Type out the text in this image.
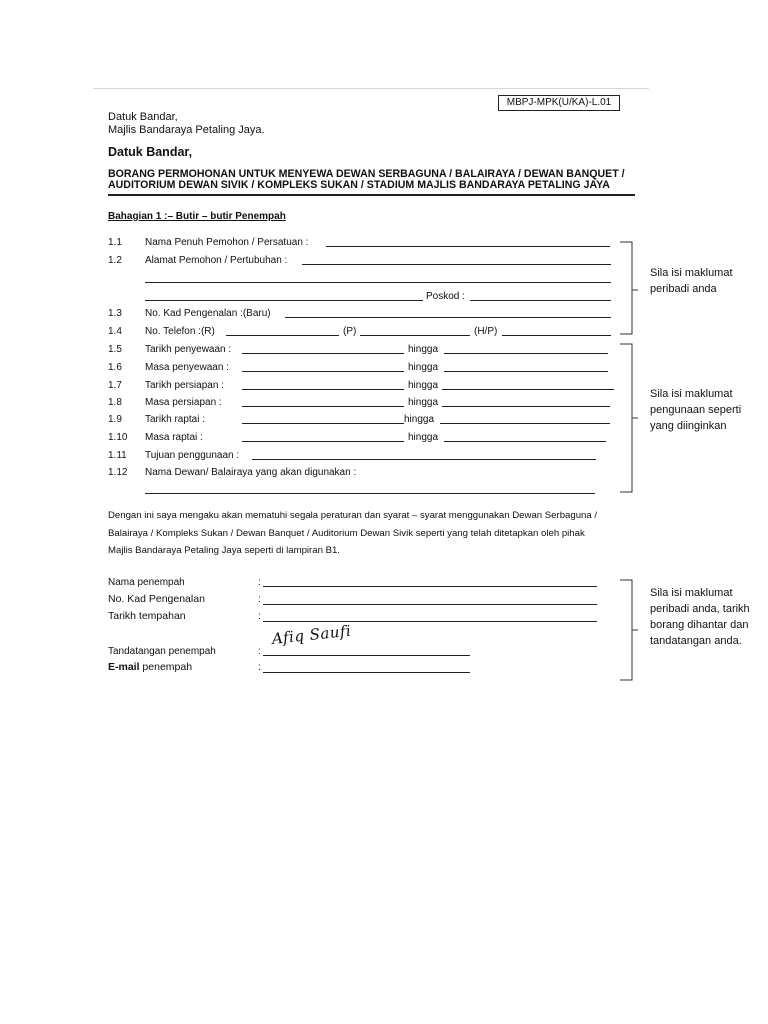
MBPJ-MPK(U/KA)-L.01
Datuk Bandar,
Majlis Bandaraya Petaling Jaya.
Datuk Bandar,
BORANG PERMOHONAN UNTUK MENYEWA DEWAN SERBAGUNA / BALAIRAYA / DEWAN BANQUET /
AUDITORIUM DEWAN SIVIK / KOMPLEKS SUKAN / STADIUM MAJLIS BANDARAYA PETALING JAYA
Bahagian 1 :– Butir – butir Penempah
1.1 Nama Penuh Pemohon / Persatuan :
1.2 Alamat Pemohon / Pertubuhan :
Poskod :
1.3 No. Kad Pengenalan :(Baru)
1.4 No. Telefon :(R)	(P)	(H/P)
1.5 Tarikh penyewaan :	hingga
1.6 Masa penyewaan :	hingga
1.7 Tarikh persiapan :	hingga
1.8 Masa persiapan :	hingga
1.9 Tarikh raptai :	hingga
1.10 Masa raptai :	hingga
1.11 Tujuan penggunaan :
1.12 Nama Dewan/ Balairaya yang akan digunakan :
Dengan ini saya mengaku akan mematuhi segala peraturan dan syarat – syarat menggunakan Dewan Serbaguna /
Balairaya / Kompleks Sukan / Dewan Banquet / Auditorium Dewan Sivik seperti yang telah ditetapkan oleh pihak
Majlis Bandaraya Petaling Jaya seperti di lampiran B1.
Nama penempah	:
No. Kad Pengenalan	:
Tarikh tempahan	:
Tandatangan penempah	:
Afiq Saufi
E-mail penempah	:
Sila isi maklumat peribadi anda
Sila isi maklumat pengunaan seperti yang diinginkan
Sila isi maklumat peribadi anda, tarikh borang dihantar dan tandatangan anda.
